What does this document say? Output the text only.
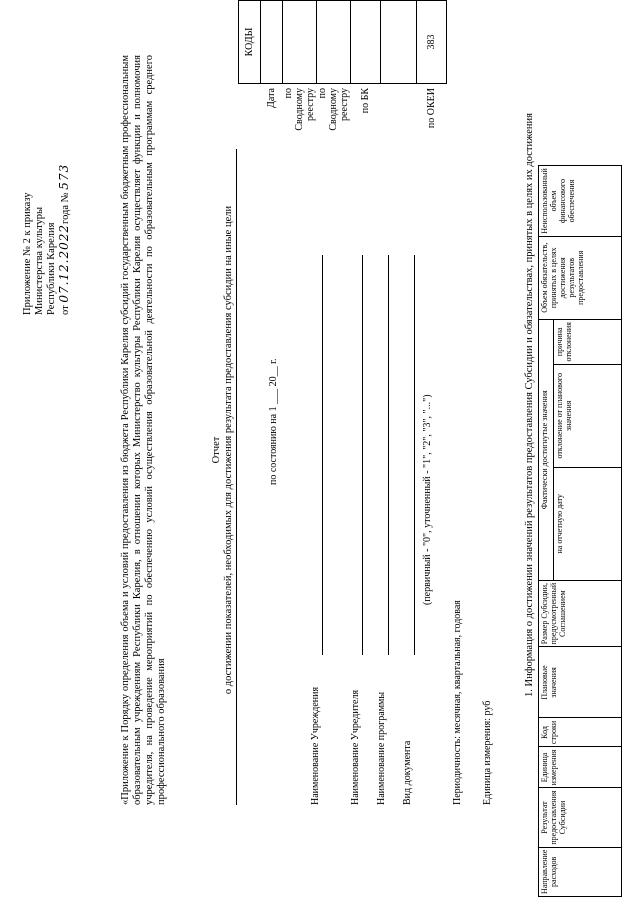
Приложение № 2 к приказу Министерства культуры Республики Карелия от 07.12.2022года № 573	«Приложение к Порядку определения объема и условий предоставления из бюджета Республики Карелия субсидий государственным бюджетным профессиональным образовательным учреждениям Республики Карелия, в отношении которых Министерство культуры Республики Карелия осуществляет функции и полномочия учредителя, на проведение мероприятий по обеспечению условий осуществления образовательной деятельности по образовательным программам среднего профессионального образования
Отчет о достижении показателей, необходимых для достижения результата предоставления субсидии на иные цели	по состоянию на 1 ___ 20__ г.
Наименование Учреждения	Наименование Учредителя Наименование программы Вид документа
(первичный - "0", уточненный - "1", "2", "3", "...")
Периодичность: месячная, квартальная, годовая Единица измерения: руб
	КОДЫ
Дата	
по Сводному реестру	
по Сводному реестру	
по БК	

по ОКЕИ	383
1. Информация о достижении значений результатов предоставления Субсидии и обязательствах, принятых в целях их достижения
Направление расходов	Результат предоставления Субсидии	Единица измерения	Код строки	Плановые значения	Размер Субсидии, предусмотренный Соглашением	Фактически достигнутые значения			Объем обязательств, принятых в целях достижения результатов предоставления	Неиспользованный объем финансового обеспечения
						на отчетную дату	отклонение от планового значения	причина отклонения		
